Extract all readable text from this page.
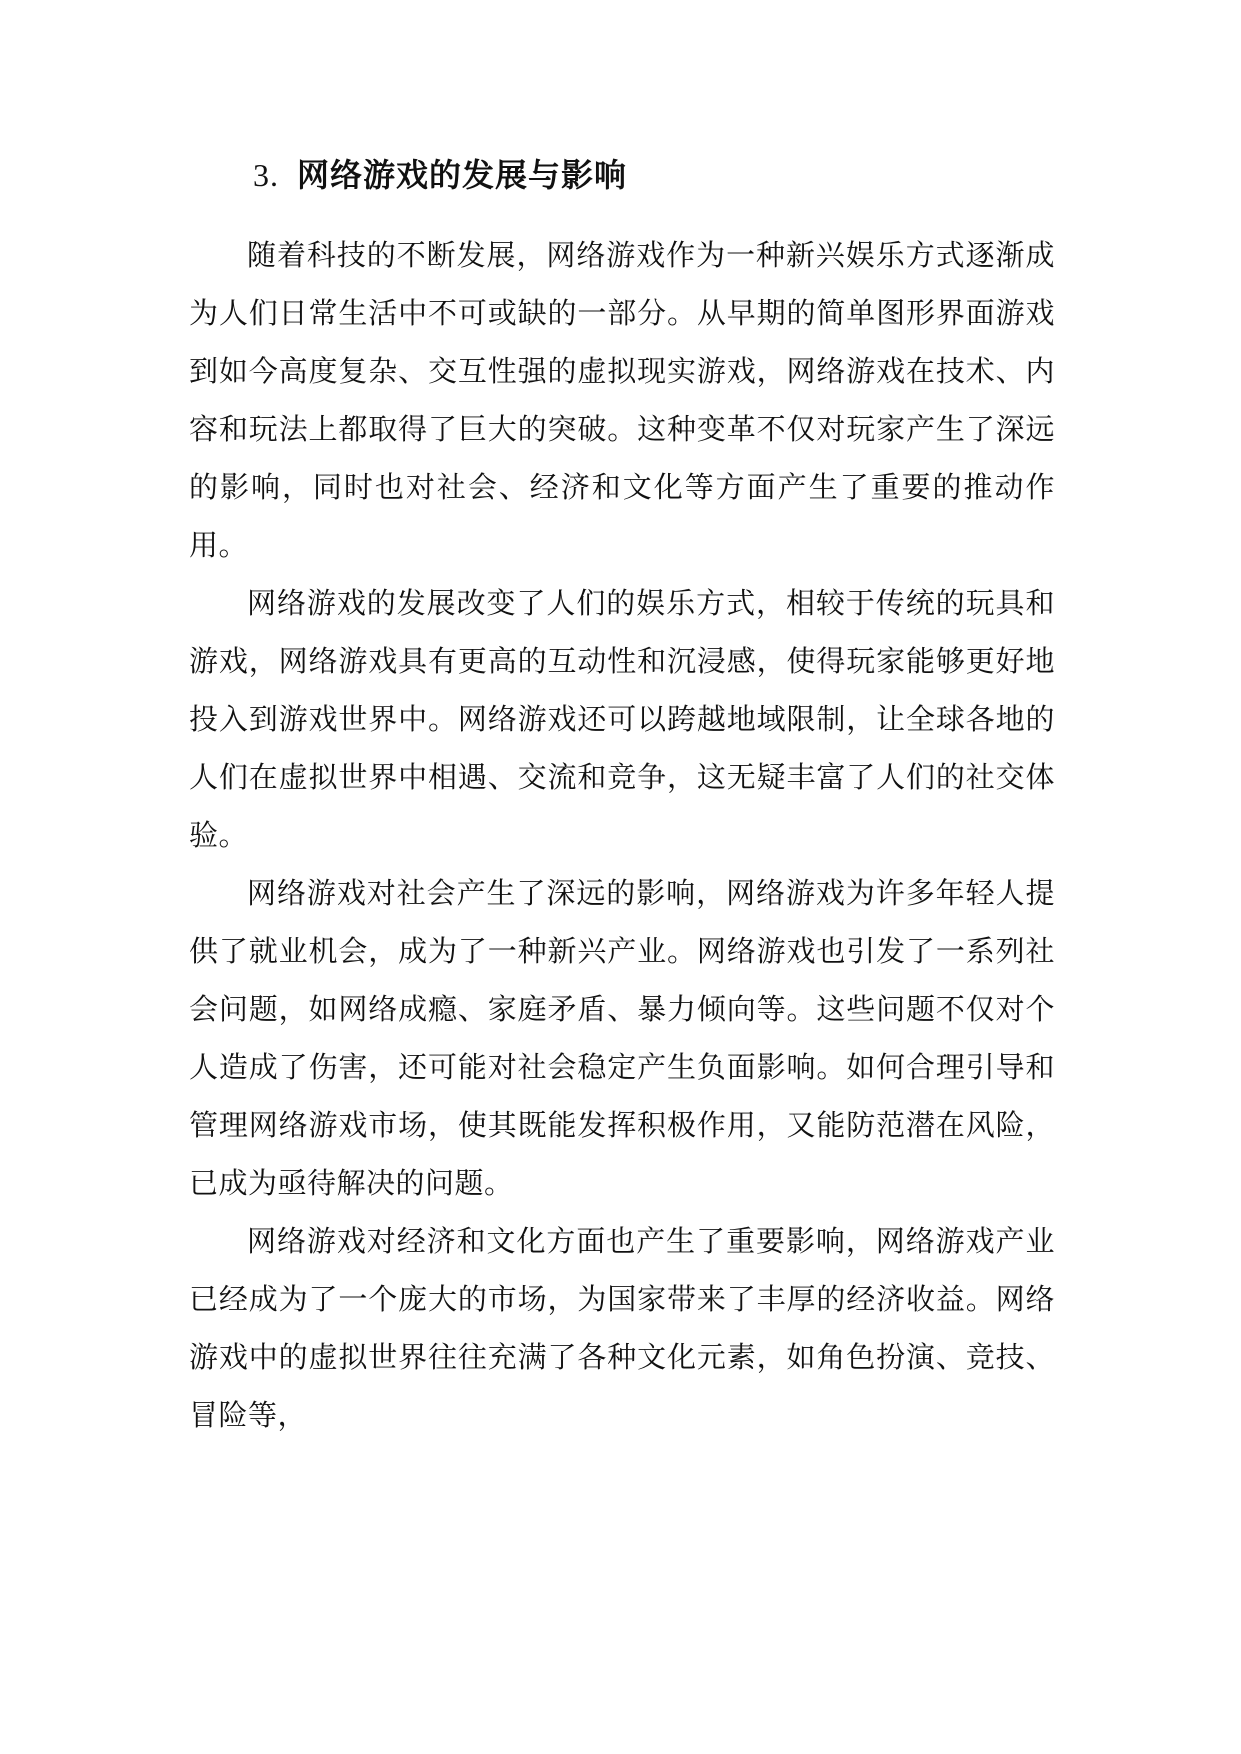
3. 网络游戏的发展与影响

随着科技的不断发展，网络游戏作为一种新兴娱乐方式逐渐成为人们日常生活中不可或缺的一部分。从早期的简单图形界面游戏到如今高度复杂、交互性强的虚拟现实游戏，网络游戏在技术、内容和玩法上都取得了巨大的突破。这种变革不仅对玩家产生了深远的影响，同时也对社会、经济和文化等方面产生了重要的推动作用。

网络游戏的发展改变了人们的娱乐方式，相较于传统的玩具和游戏，网络游戏具有更高的互动性和沉浸感，使得玩家能够更好地投入到游戏世界中。网络游戏还可以跨越地域限制，让全球各地的人们在虚拟世界中相遇、交流和竞争，这无疑丰富了人们的社交体验。

网络游戏对社会产生了深远的影响，网络游戏为许多年轻人提供了就业机会，成为了一种新兴产业。网络游戏也引发了一系列社会问题，如网络成瘾、家庭矛盾、暴力倾向等。这些问题不仅对个人造成了伤害，还可能对社会稳定产生负面影响。如何合理引导和管理网络游戏市场，使其既能发挥积极作用，又能防范潜在风险，已成为亟待解决的问题。

网络游戏对经济和文化方面也产生了重要影响，网络游戏产业已经成为了一个庞大的市场，为国家带来了丰厚的经济收益。网络游戏中的虚拟世界往往充满了各种文化元素，如角色扮演、竞技、冒险等，
